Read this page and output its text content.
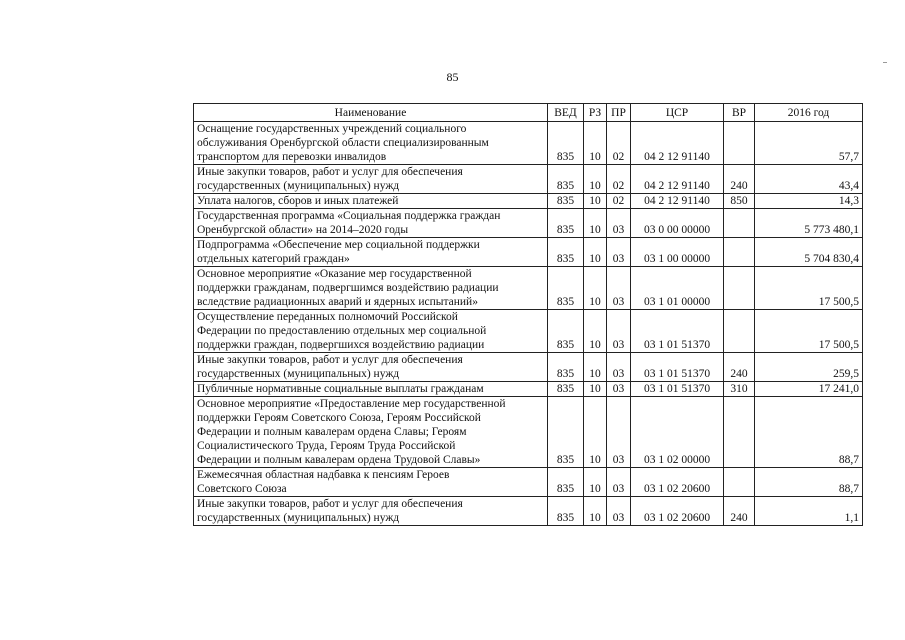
85
Наименование	ВЕД	РЗ	ПР	ЦСР	ВР	2016 год
Оснащение государственных учреждений социального
обслуживания Оренбургской области специализированным
транспортом для перевозки инвалидов	835	10	02	04 2 12 91140		57,7
Иные закупки товаров, работ и услуг для обеспечения
государственных (муниципальных) нужд	835	10	02	04 2 12 91140	240	43,4
Уплата налогов, сборов и иных платежей	835	10	02	04 2 12 91140	850	14,3
Государственная программа «Социальная поддержка граждан
Оренбургской области» на 2014–2020 годы	835	10	03	03 0 00 00000		5 773 480,1
Подпрограмма «Обеспечение мер социальной поддержки
отдельных категорий граждан»	835	10	03	03 1 00 00000		5 704 830,4
Основное мероприятие «Оказание мер государственной
поддержки гражданам, подвергшимся воздействию радиации
вследствие радиационных аварий и ядерных испытаний»	835	10	03	03 1 01 00000		17 500,5
Осуществление переданных полномочий Российской
Федерации по предоставлению отдельных мер социальной
поддержки граждан, подвергшихся воздействию радиации	835	10	03	03 1 01 51370		17 500,5
Иные закупки товаров, работ и услуг для обеспечения
государственных (муниципальных) нужд	835	10	03	03 1 01 51370	240	259,5
Публичные нормативные социальные выплаты гражданам	835	10	03	03 1 01 51370	310	17 241,0
Основное мероприятие «Предоставление мер государственной
поддержки Героям Советского Союза, Героям Российской
Федерации и полным кавалерам ордена Славы; Героям
Социалистического Труда, Героям Труда Российской
Федерации и полным кавалерам ордена Трудовой Славы»	835	10	03	03 1 02 00000		88,7
Ежемесячная областная надбавка к пенсиям Героев
Советского Союза	835	10	03	03 1 02 20600		88,7
Иные закупки товаров, работ и услуг для обеспечения
государственных (муниципальных) нужд	835	10	03	03 1 02 20600	240	1,1
